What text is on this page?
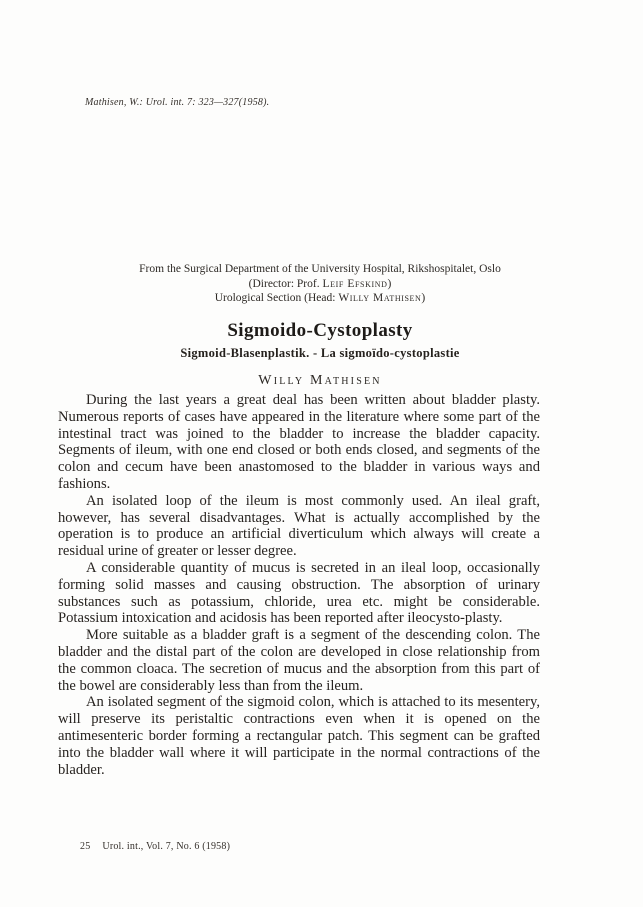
Mathisen, W.: Urol. int. 7: 323—327(1958).
From the Surgical Department of the University Hospital, Rikshospitalet, Oslo
(Director: Prof. Leif Efskind)
Urological Section (Head: Willy Mathisen)
Sigmoido-Cystoplasty
Sigmoid-Blasenplastik. - La sigmoïdo-cystoplastie
Willy Mathisen

During the last years a great deal has been written about bladder plasty. Numerous reports of cases have appeared in the literature where some part of the intestinal tract was joined to the bladder to increase the bladder capacity. Segments of ileum, with one end closed or both ends closed, and segments of the colon and cecum have been anastomosed to the bladder in various ways and fashions.

An isolated loop of the ileum is most commonly used. An ileal graft, however, has several disadvantages. What is actually accomplished by the operation is to produce an artificial diverticulum which always will create a residual urine of greater or lesser degree.

A considerable quantity of mucus is secreted in an ileal loop, occasionally forming solid masses and causing obstruction. The absorption of urinary substances such as potassium, chloride, urea etc. might be considerable. Potassium intoxication and acidosis has been reported after ileocysto-plasty.

More suitable as a bladder graft is a segment of the descending colon. The bladder and the distal part of the colon are developed in close relationship from the common cloaca. The secretion of mucus and the absorption from this part of the bowel are considerably less than from the ileum.

An isolated segment of the sigmoid colon, which is attached to its mesentery, will preserve its peristaltic contractions even when it is opened on the antimesenteric border forming a rectangular patch. This segment can be grafted into the bladder wall where it will participate in the normal contractions of the bladder.

25 Urol. int., Vol. 7, No. 6 (1958)
